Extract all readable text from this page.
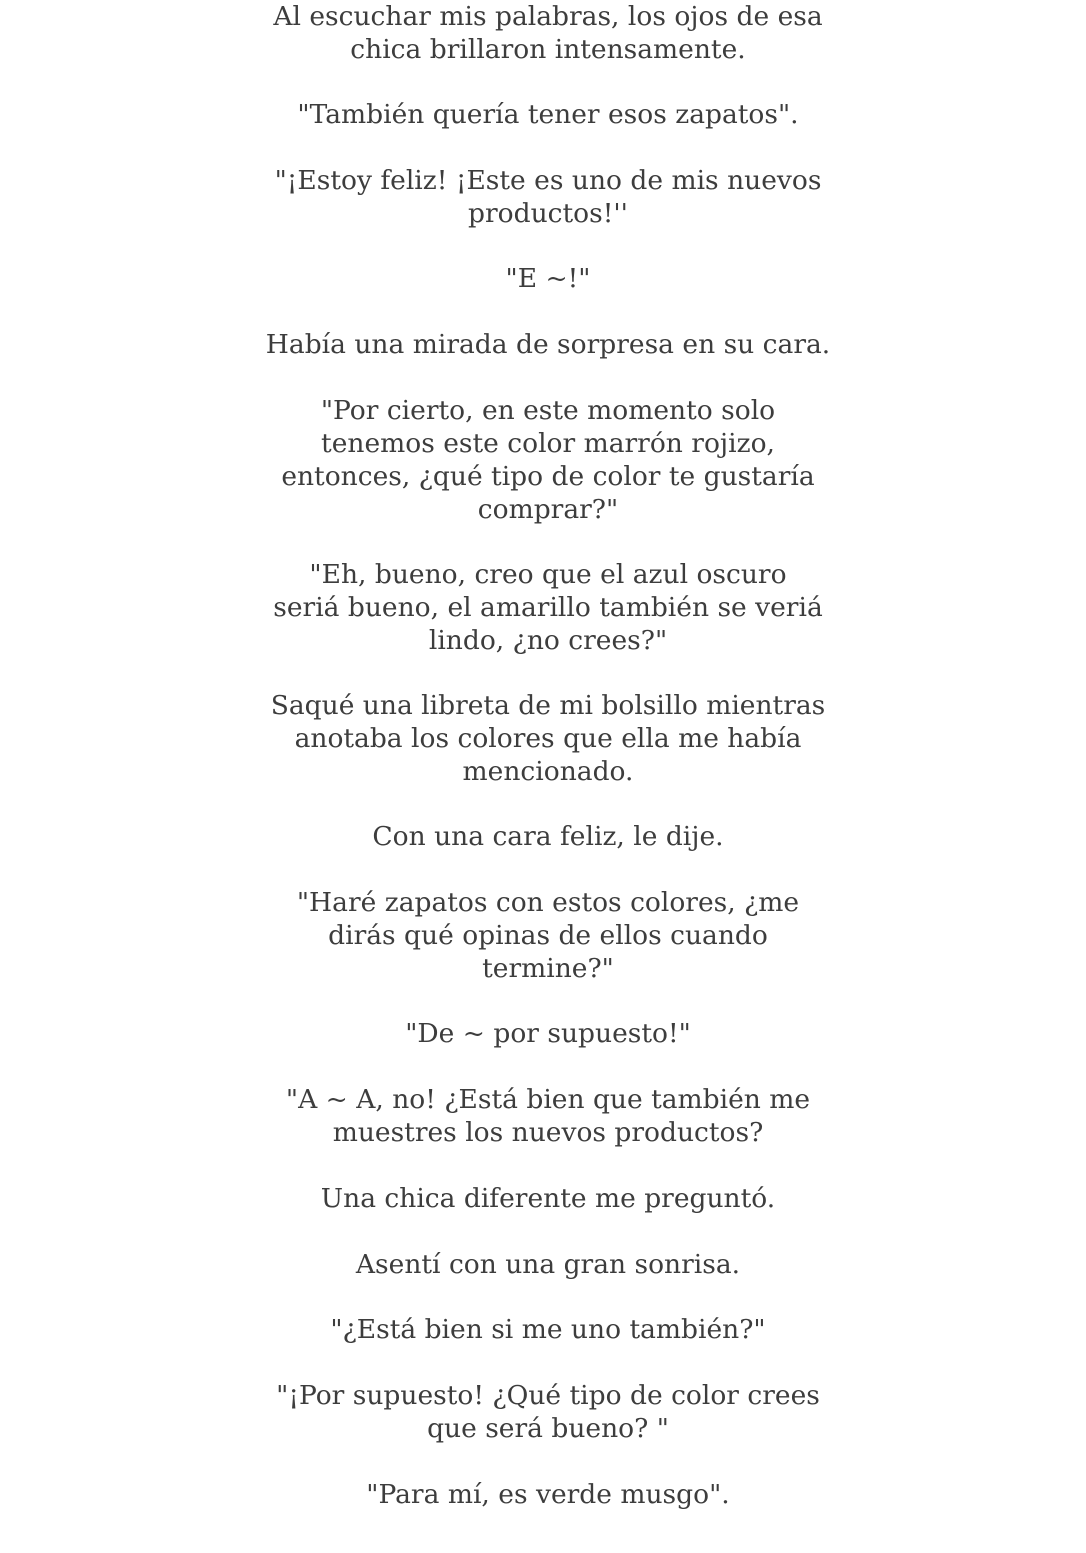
Al escuchar mis palabras, los ojos de esa
chica brillaron intensamente.

"También quería tener esos zapatos".

"¡Estoy feliz! ¡Este es uno de mis nuevos
productos!''

"E ~!"

Había una mirada de sorpresa en su cara.

"Por cierto, en este momento solo
tenemos este color marrón rojizo,
entonces, ¿qué tipo de color te gustaría
comprar?"

"Eh, bueno, creo que el azul oscuro
seriá bueno, el amarillo también se veriá
lindo, ¿no crees?"

Saqué una libreta de mi bolsillo mientras
anotaba los colores que ella me había
mencionado.

Con una cara feliz, le dije.

"Haré zapatos con estos colores, ¿me
dirás qué opinas de ellos cuando
termine?"

"De ~ por supuesto!"

"A ~ A, no! ¿Está bien que también me
muestres los nuevos productos?

Una chica diferente me preguntó.

Asentí con una gran sonrisa.

"¿Está bien si me uno también?"

"¡Por supuesto! ¿Qué tipo de color crees
que será bueno? "

"Para mí, es verde musgo".
